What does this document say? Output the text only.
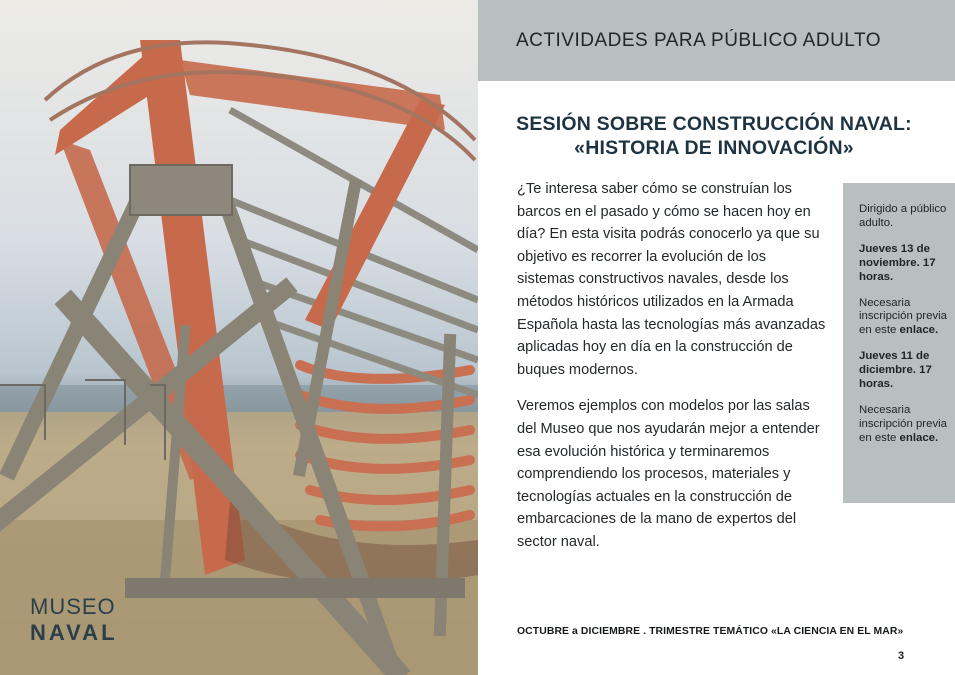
MUSEO
NAVAL
ACTIVIDADES PARA PÚBLICO ADULTO
SESIÓN SOBRE CONSTRUCCIÓN NAVAL:
«HISTORIA DE INNOVACIÓN»

¿Te interesa saber cómo se construían los barcos en el pasado y cómo se hacen hoy en día? En esta visita podrás conocerlo ya que su objetivo es recorrer la evolución de los sistemas constructivos navales, desde los métodos históricos utilizados en la Armada Española hasta las tecnologías más avanzadas aplicadas hoy en día en la construcción de buques modernos.

Veremos ejemplos con modelos por las salas del Museo que nos ayudarán mejor a entender esa evolución histórica y terminaremos comprendiendo los procesos, materiales y tecnologías actuales en la construcción de embarcaciones de la mano de expertos del sector naval.

Dirigido a público adulto.
Jueves 13 de noviembre. 17 horas.
Necesaria inscripción previa en este enlace.
Jueves 11 de diciembre. 17 horas.
Necesaria inscripción previa en este enlace.
OCTUBRE a DICIEMBRE . TRIMESTRE TEMÁTICO «LA CIENCIA EN EL MAR»
3
